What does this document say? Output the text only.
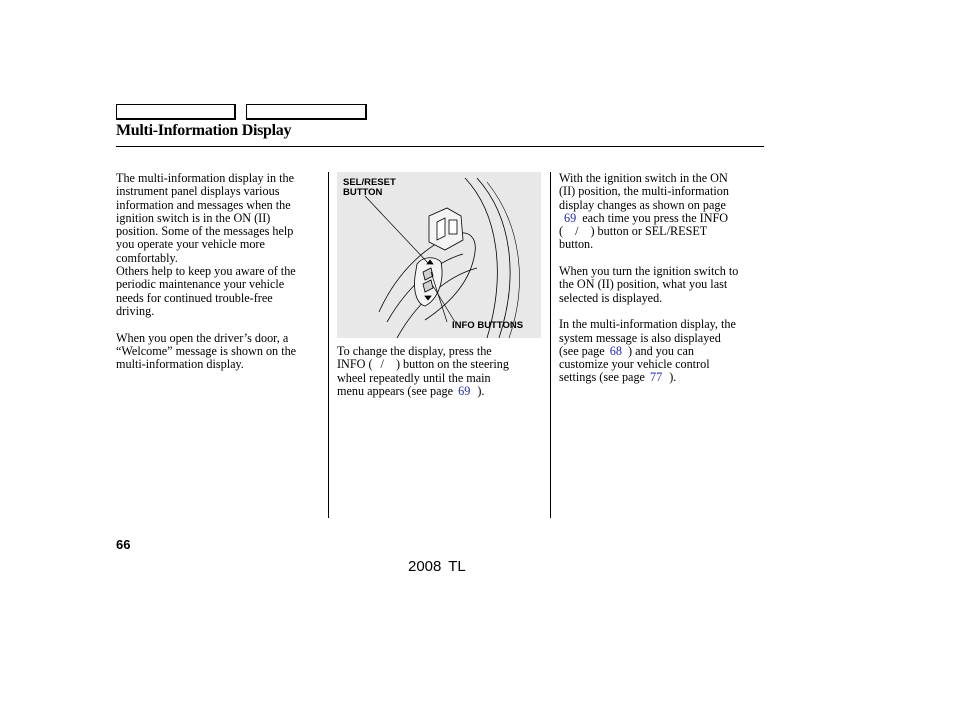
Multi-Information Display
The multi-information display in the
instrument panel displays various
information and messages when the
ignition switch is in the ON (II)
position. Some of the messages help
you operate your vehicle more
comfortably.
Others help to keep you aware of the
periodic maintenance your vehicle
needs for continued trouble-free
driving.
When you open the driver’s door, a
“Welcome” message is shown on the
multi-information display.
SEL/RESET
BUTTON
INFO BUTTONS
To change the display, press the
INFO ( / ) button on the steering
wheel repeatedly until the main
menu appears (see page 69 ).
With the ignition switch in the ON
(II) position, the multi-information
display changes as shown on page
69 each time you press the INFO
( / ) button or SEL/RESET
button.
When you turn the ignition switch to
the ON (II) position, what you last
selected is displayed.
In the multi-information display, the
system message is also displayed
(see page 68 ) and you can
customize your vehicle control
settings (see page 77 ).
66
2008 TL
